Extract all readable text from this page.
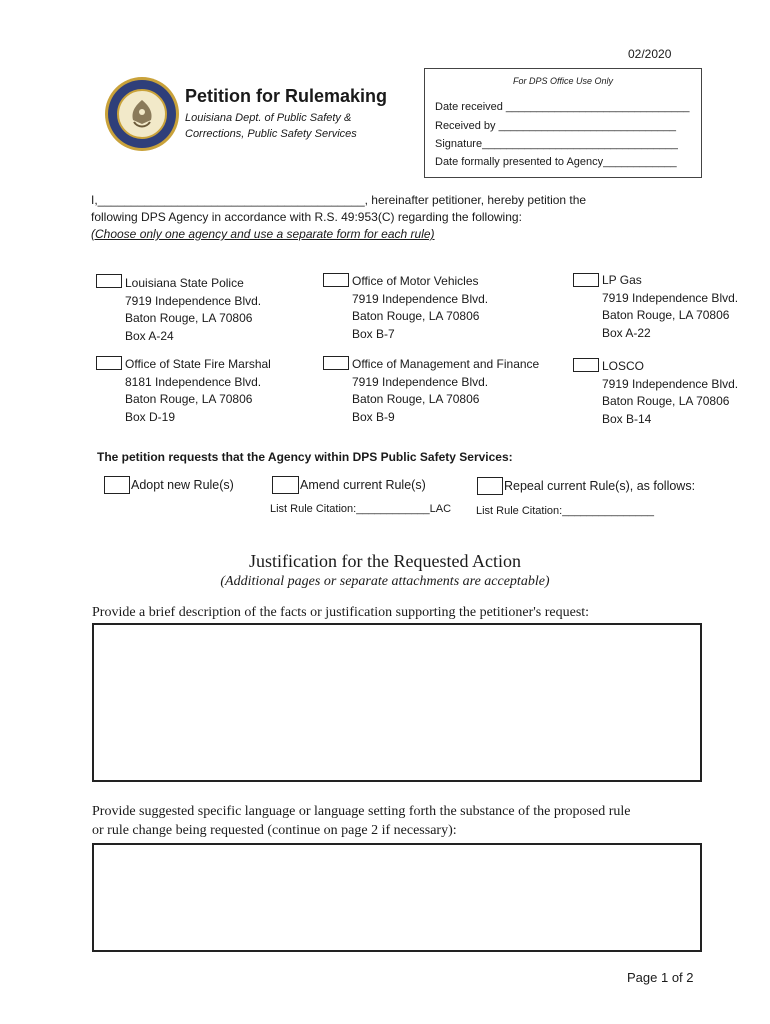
02/2020
Petition for Rulemaking
Louisiana Dept. of Public Safety &
Corrections, Public Safety Services
For DPS Office Use Only
Date received ______________________________
Received by _____________________________
Signature________________________________
Date formally presented to Agency____________
I,________________________________________, hereinafter petitioner, hereby petition the
following DPS Agency in accordance with R.S. 49:953(C) regarding the following:
(Choose only one agency and use a separate form for each rule)
Louisiana State Police
7919 Independence Blvd.
Baton Rouge, LA 70806
Box A-24
Office of Motor Vehicles
7919 Independence Blvd.
Baton Rouge, LA 70806
Box B-7
LP Gas
7919 Independence Blvd.
Baton Rouge, LA 70806
Box A-22
Office of State Fire Marshal
8181 Independence Blvd.
Baton Rouge, LA 70806
Box D-19
Office of Management and Finance
7919 Independence Blvd.
Baton Rouge, LA 70806
Box B-9
LOSCO
7919 Independence Blvd.
Baton Rouge, LA 70806
Box B-14
The petition requests that the Agency within DPS Public Safety Services:
Adopt new Rule(s)	Amend current Rule(s)	Repeal current Rule(s), as follows:
List Rule Citation:____________LAC List Rule Citation:_______________
Justification for the Requested Action
(Additional pages or separate attachments are acceptable)
Provide a brief description of the facts or justification supporting the petitioner's request:
Provide suggested specific language or language setting forth the substance of the proposed rule
or rule change being requested (continue on page 2 if necessary):
Page 1 of 2
